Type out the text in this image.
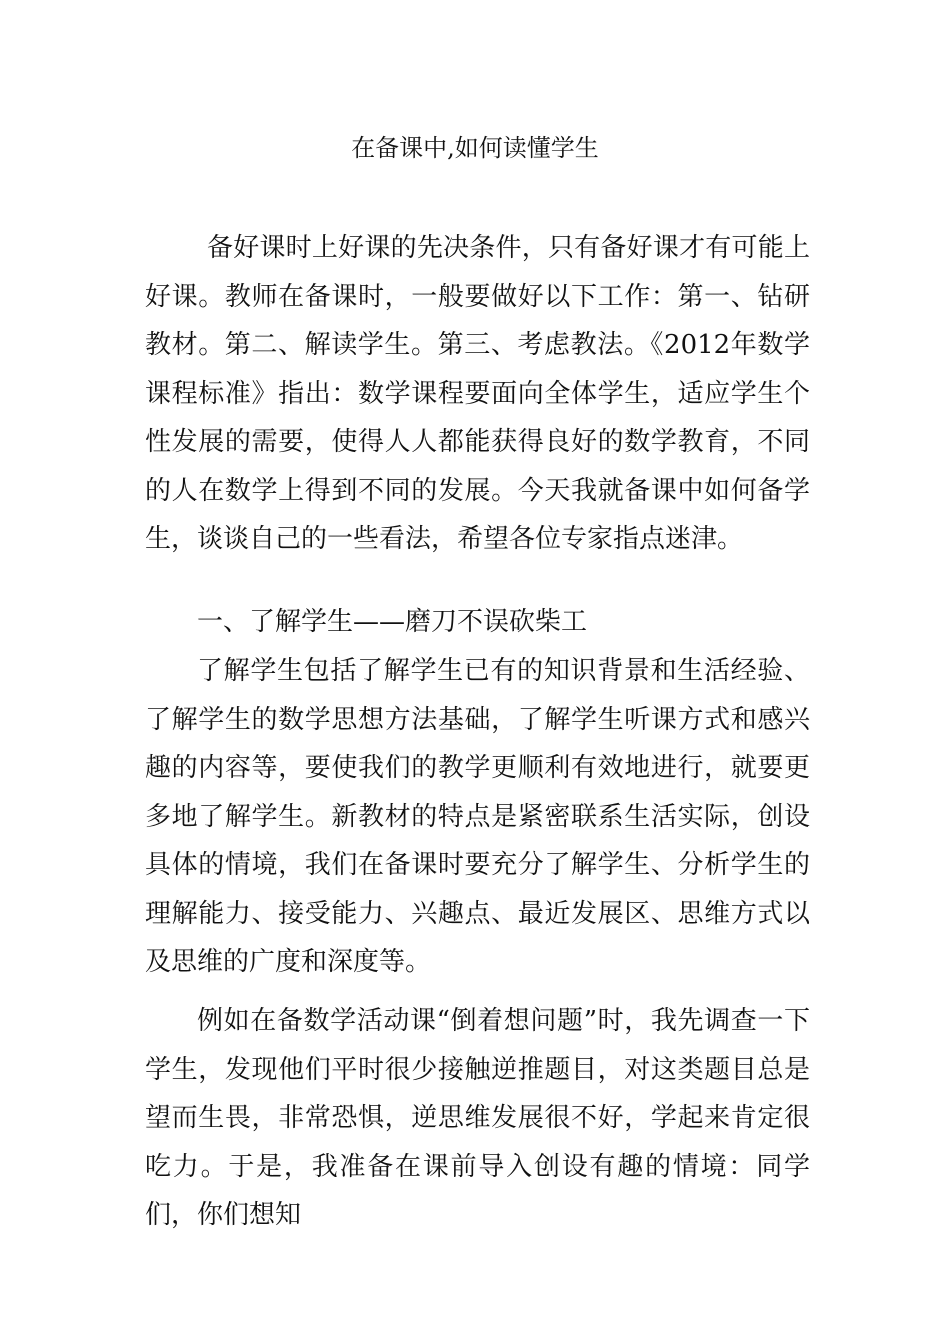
在备课中,如何读懂学生

备好课时上好课的先决条件，只有备好课才有可能上好课。教师在备课时，一般要做好以下工作：第一、钻研教材。第二、解读学生。第三、考虑教法。《2012年数学课程标准》指出：数学课程要面向全体学生，适应学生个性发展的需要，使得人人都能获得良好的数学教育，不同的人在数学上得到不同的发展。今天我就备课中如何备学生，谈谈自己的一些看法，希望各位专家指点迷津。

一、了解学生——磨刀不误砍柴工

了解学生包括了解学生已有的知识背景和生活经验、了解学生的数学思想方法基础，了解学生听课方式和感兴趣的内容等，要使我们的教学更顺利有效地进行，就要更多地了解学生。新教材的特点是紧密联系生活实际，创设具体的情境，我们在备课时要充分了解学生、分析学生的理解能力、接受能力、兴趣点、最近发展区、思维方式以及思维的广度和深度等。

例如在备数学活动课“倒着想问题”时，我先调查一下学生，发现他们平时很少接触逆推题目，对这类题目总是望而生畏，非常恐惧，逆思维发展很不好，学起来肯定很吃力。于是，我准备在课前导入创设有趣的情境：同学们，你们想知
